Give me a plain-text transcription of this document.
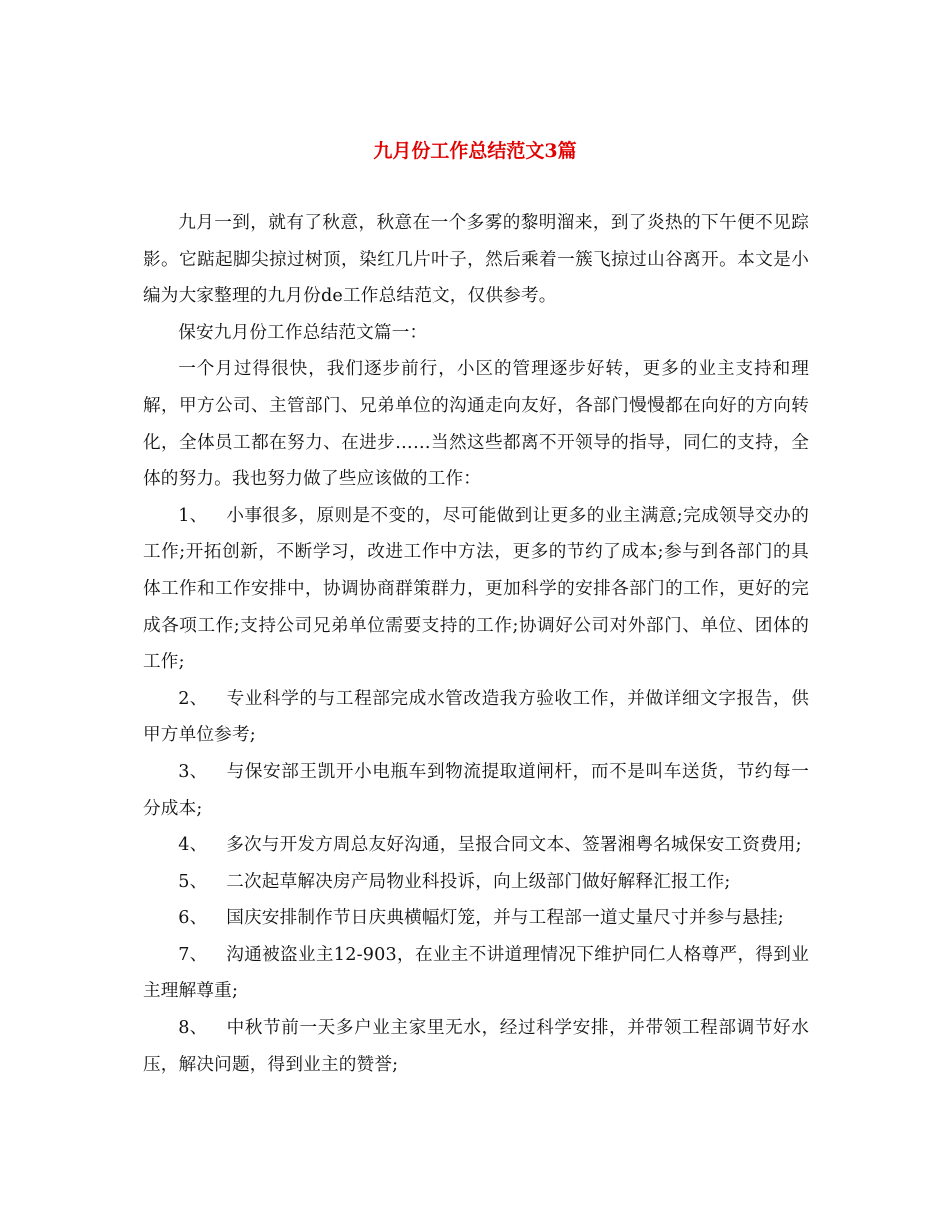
九月份工作总结范文3篇

九月一到，就有了秋意，秋意在一个多雾的黎明溜来，到了炎热的下午便不见踪影。它踮起脚尖掠过树顶，染红几片叶子，然后乘着一簇飞掠过山谷离开。本文是小编为大家整理的九月份de工作总结范文，仅供参考。

保安九月份工作总结范文篇一：

一个月过得很快，我们逐步前行，小区的管理逐步好转，更多的业主支持和理解，甲方公司、主管部门、兄弟单位的沟通走向友好，各部门慢慢都在向好的方向转化，全体员工都在努力、在进步……当然这些都离不开领导的指导，同仁的支持，全体的努力。我也努力做了些应该做的工作：

1、 小事很多，原则是不变的，尽可能做到让更多的业主满意;完成领导交办的工作;开拓创新，不断学习，改进工作中方法，更多的节约了成本;参与到各部门的具体工作和工作安排中，协调协商群策群力，更加科学的安排各部门的工作，更好的完成各项工作;支持公司兄弟单位需要支持的工作;协调好公司对外部门、单位、团体的工作;

2、 专业科学的与工程部完成水管改造我方验收工作，并做详细文字报告，供甲方单位参考;

3、 与保安部王凯开小电瓶车到物流提取道闸杆，而不是叫车送货，节约每一分成本;

4、 多次与开发方周总友好沟通，呈报合同文本、签署湘粤名城保安工资费用;

5、 二次起草解决房产局物业科投诉，向上级部门做好解释汇报工作;

6、 国庆安排制作节日庆典横幅灯笼，并与工程部一道丈量尺寸并参与悬挂;

7、 沟通被盗业主12-903，在业主不讲道理情况下维护同仁人格尊严，得到业主理解尊重;

8、 中秋节前一天多户业主家里无水，经过科学安排，并带领工程部调节好水压，解决问题，得到业主的赞誉;
